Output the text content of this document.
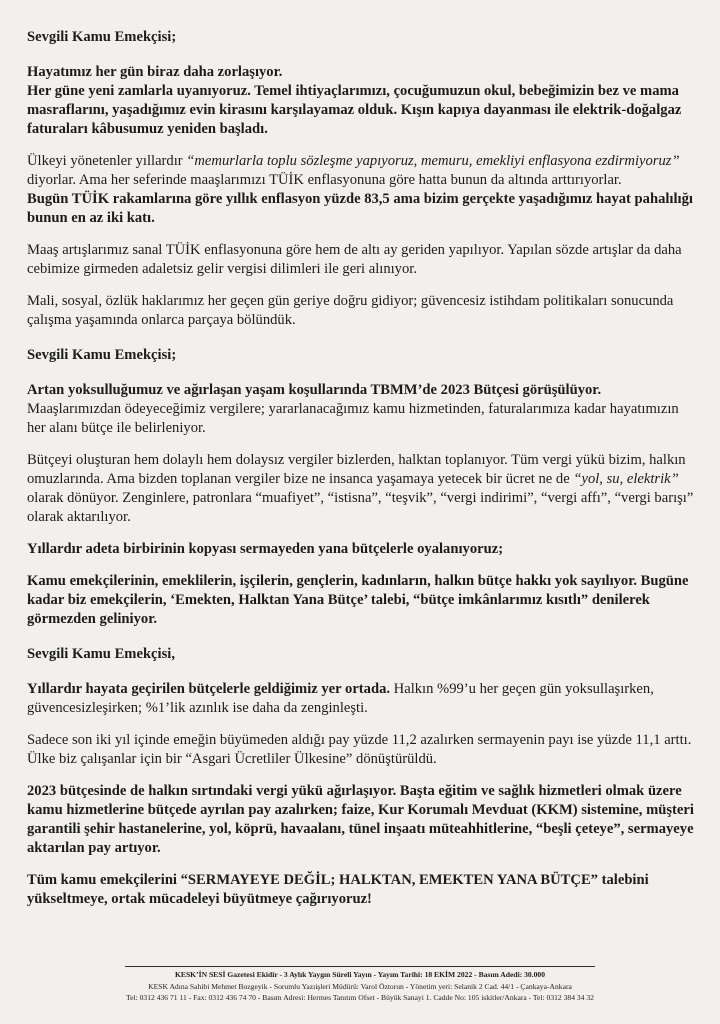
Sevgili Kamu Emekçisi;

Hayatımız her gün biraz daha zorlaşıyor.

Her güne yeni zamlarla uyanıyoruz. Temel ihtiyaçlarımızı, çocuğumuzun okul, bebeğimizin bez ve mama masraflarını, yaşadığımız evin kirasını karşılayamaz olduk. Kışın kapıya dayanması ile elektrik-doğalgaz faturaları kâbusumuz yeniden başladı.

Ülkeyi yönetenler yıllardır “memurlarla toplu sözleşme yapıyoruz, memuru, emekliyi enflasyona ezdirmiyoruz” diyorlar. Ama her seferinde maaşlarımızı TÜİK enflasyonuna göre hatta bunun da altında arttırıyorlar.

Bugün TÜİK rakamlarına göre yıllık enflasyon yüzde 83,5 ama bizim gerçekte yaşadığımız hayat pahalılığı bunun en az iki katı.

Maaş artışlarımız sanal TÜİK enflasyonuna göre hem de altı ay geriden yapılıyor. Yapılan sözde artışlar da daha cebimize girmeden adaletsiz gelir vergisi dilimleri ile geri alınıyor.

Mali, sosyal, özlük haklarımız her geçen gün geriye doğru gidiyor; güvencesiz istihdam politikaları sonucunda çalışma yaşamında onlarca parçaya bölündük.

Sevgili Kamu Emekçisi;

Artan yoksulluğumuz ve ağırlaşan yaşam koşullarında TBMM’de 2023 Bütçesi görüşülüyor. Maaşlarımızdan ödeyeceğimiz vergilere; yararlanacağımız kamu hizmetinden, faturalarımıza kadar hayatımızın her alanı bütçe ile belirleniyor.

Bütçeyi oluşturan hem dolaylı hem dolaysız vergiler bizlerden, halktan toplanıyor. Tüm vergi yükü bizim, halkın omuzlarında. Ama bizden toplanan vergiler bize ne insanca yaşamaya yetecek bir ücret ne de “yol, su, elektrik” olarak dönüyor. Zenginlere, patronlara “muafiyet”, “istisna”, “teşvik”, “vergi indirimi”, “vergi affı”, “vergi barışı” olarak aktarılıyor.

Yıllardır adeta birbirinin kopyası sermayeden yana bütçelerle oyalanıyoruz;

Kamu emekçilerinin, emeklilerin, işçilerin, gençlerin, kadınların, halkın bütçe hakkı yok sayılıyor. Bugüne kadar biz emekçilerin, ‘Emekten, Halktan Yana Bütçe’ talebi, “bütçe imkânlarımız kısıtlı” denilerek görmezden geliniyor.

Sevgili Kamu Emekçisi,

Yıllardır hayata geçirilen bütçelerle geldiğimiz yer ortada. Halkın %99’u her geçen gün yoksullaşırken, güvencesizleşirken; %1’lik azınlık ise daha da zenginleşti.

Sadece son iki yıl içinde emeğin büyümeden aldığı pay yüzde 11,2 azalırken sermayenin payı ise yüzde 11,1 arttı. Ülke biz çalışanlar için bir “Asgari Ücretliler Ülkesine” dönüştürüldü.

2023 bütçesinde de halkın sırtındaki vergi yükü ağırlaşıyor. Başta eğitim ve sağlık hizmetleri olmak üzere kamu hizmetlerine bütçede ayrılan pay azalırken; faize, Kur Korumalı Mevduat (KKM) sistemine, müşteri garantili şehir hastanelerine, yol, köprü, havaalanı, tünel inşaatı müteahhitlerine, “beşli çeteye”, sermayeye aktarılan pay artıyor.

Tüm kamu emekçilerini “SERMAYEYE DEĞİL; HALKTAN, EMEKTEN YANA BÜTÇE” talebini yükseltmeye, ortak mücadeleyi büyütmeye çağırıyoruz!

KESK’İN SESİ Gazetesi Ekidir - 3 Aylık Yaygın Süreli Yayın - Yayım Tarihi: 18 EKİM 2022 - Basım Adedi: 30.000
KESK Adına Sahibi Mehmet Bozgeyik - Sorumlu Yazıişleri Müdürü: Varol Öztorun - Yönetim yeri: Selanik 2 Cad. 44/1 - Çankaya-Ankara
Tel: 0312 436 71 11 - Fax: 0312 436 74 70 - Basım Adresi: Hermes Tanıtım Ofset - Büyük Sanayi 1. Cadde No: 105 iskitler/Ankara - Tel: 0312 384 34 32
